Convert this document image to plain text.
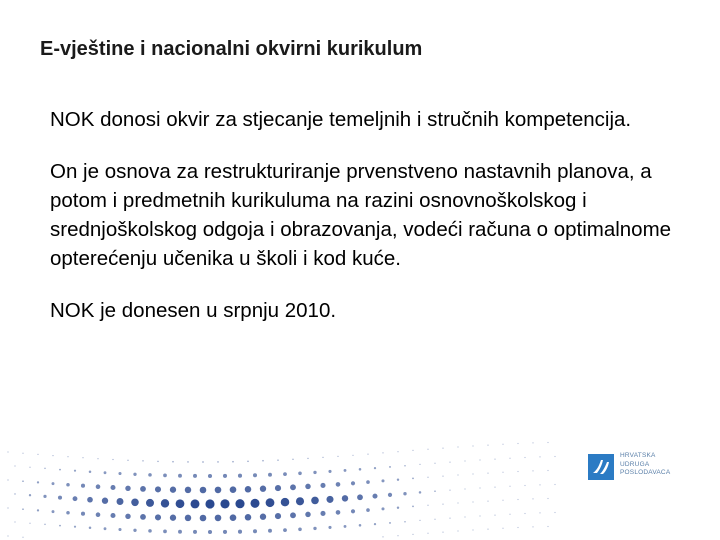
E-vještine i nacionalni okvirni kurikulum

NOK donosi okvir za stjecanje temeljnih i stručnih kompetencija.

On je osnova za restrukturiranje prvenstveno nastavnih planova, a potom i predmetnih kurikuluma na razini osnovnoškolskog i srednjoškolskog odgoja i obrazovanja, vodeći računa o optimalnome opterećenju učenika u školi i kod kuće.

NOK je donesen u srpnju 2010.

HRVATSKA
UDRUGA
POSLODAVACA
